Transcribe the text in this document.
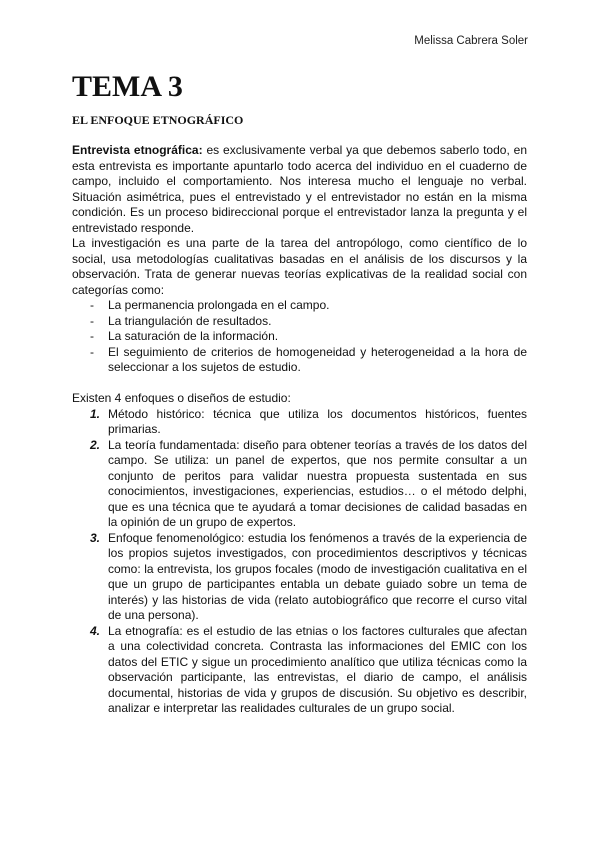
Melissa Cabrera Soler
TEMA 3
EL ENFOQUE ETNOGRÁFICO

Entrevista etnográfica: es exclusivamente verbal ya que debemos saberlo todo, en esta entrevista es importante apuntarlo todo acerca del individuo en el cuaderno de campo, incluido el comportamiento. Nos interesa mucho el lenguaje no verbal. Situación asimétrica, pues el entrevistado y el entrevistador no están en la misma condición. Es un proceso bidireccional porque el entrevistador lanza la pregunta y el entrevistado responde.

La investigación es una parte de la tarea del antropólogo, como científico de lo social, usa metodologías cualitativas basadas en el análisis de los discursos y la observación. Trata de generar nuevas teorías explicativas de la realidad social con categorías como:

- La permanencia prolongada en el campo.
- La triangulación de resultados.
- La saturación de la información.
- El seguimiento de criterios de homogeneidad y heterogeneidad a la hora de seleccionar a los sujetos de estudio.

Existen 4 enfoques o diseños de estudio:

1. Método histórico: técnica que utiliza los documentos históricos, fuentes primarias.
2. La teoría fundamentada: diseño para obtener teorías a través de los datos del campo. Se utiliza: un panel de expertos, que nos permite consultar a un conjunto de peritos para validar nuestra propuesta sustentada en sus conocimientos, investigaciones, experiencias, estudios… o el método delphi, que es una técnica que te ayudará a tomar decisiones de calidad basadas en la opinión de un grupo de expertos.
3. Enfoque fenomenológico: estudia los fenómenos a través de la experiencia de los propios sujetos investigados, con procedimientos descriptivos y técnicas como: la entrevista, los grupos focales (modo de investigación cualitativa en el que un grupo de participantes entabla un debate guiado sobre un tema de interés) y las historias de vida (relato autobiográfico que recorre el curso vital de una persona).
4. La etnografía: es el estudio de las etnias o los factores culturales que afectan a una colectividad concreta. Contrasta las informaciones del EMIC con los datos del ETIC y sigue un procedimiento analítico que utiliza técnicas como la observación participante, las entrevistas, el diario de campo, el análisis documental, historias de vida y grupos de discusión. Su objetivo es describir, analizar e interpretar las realidades culturales de un grupo social.
